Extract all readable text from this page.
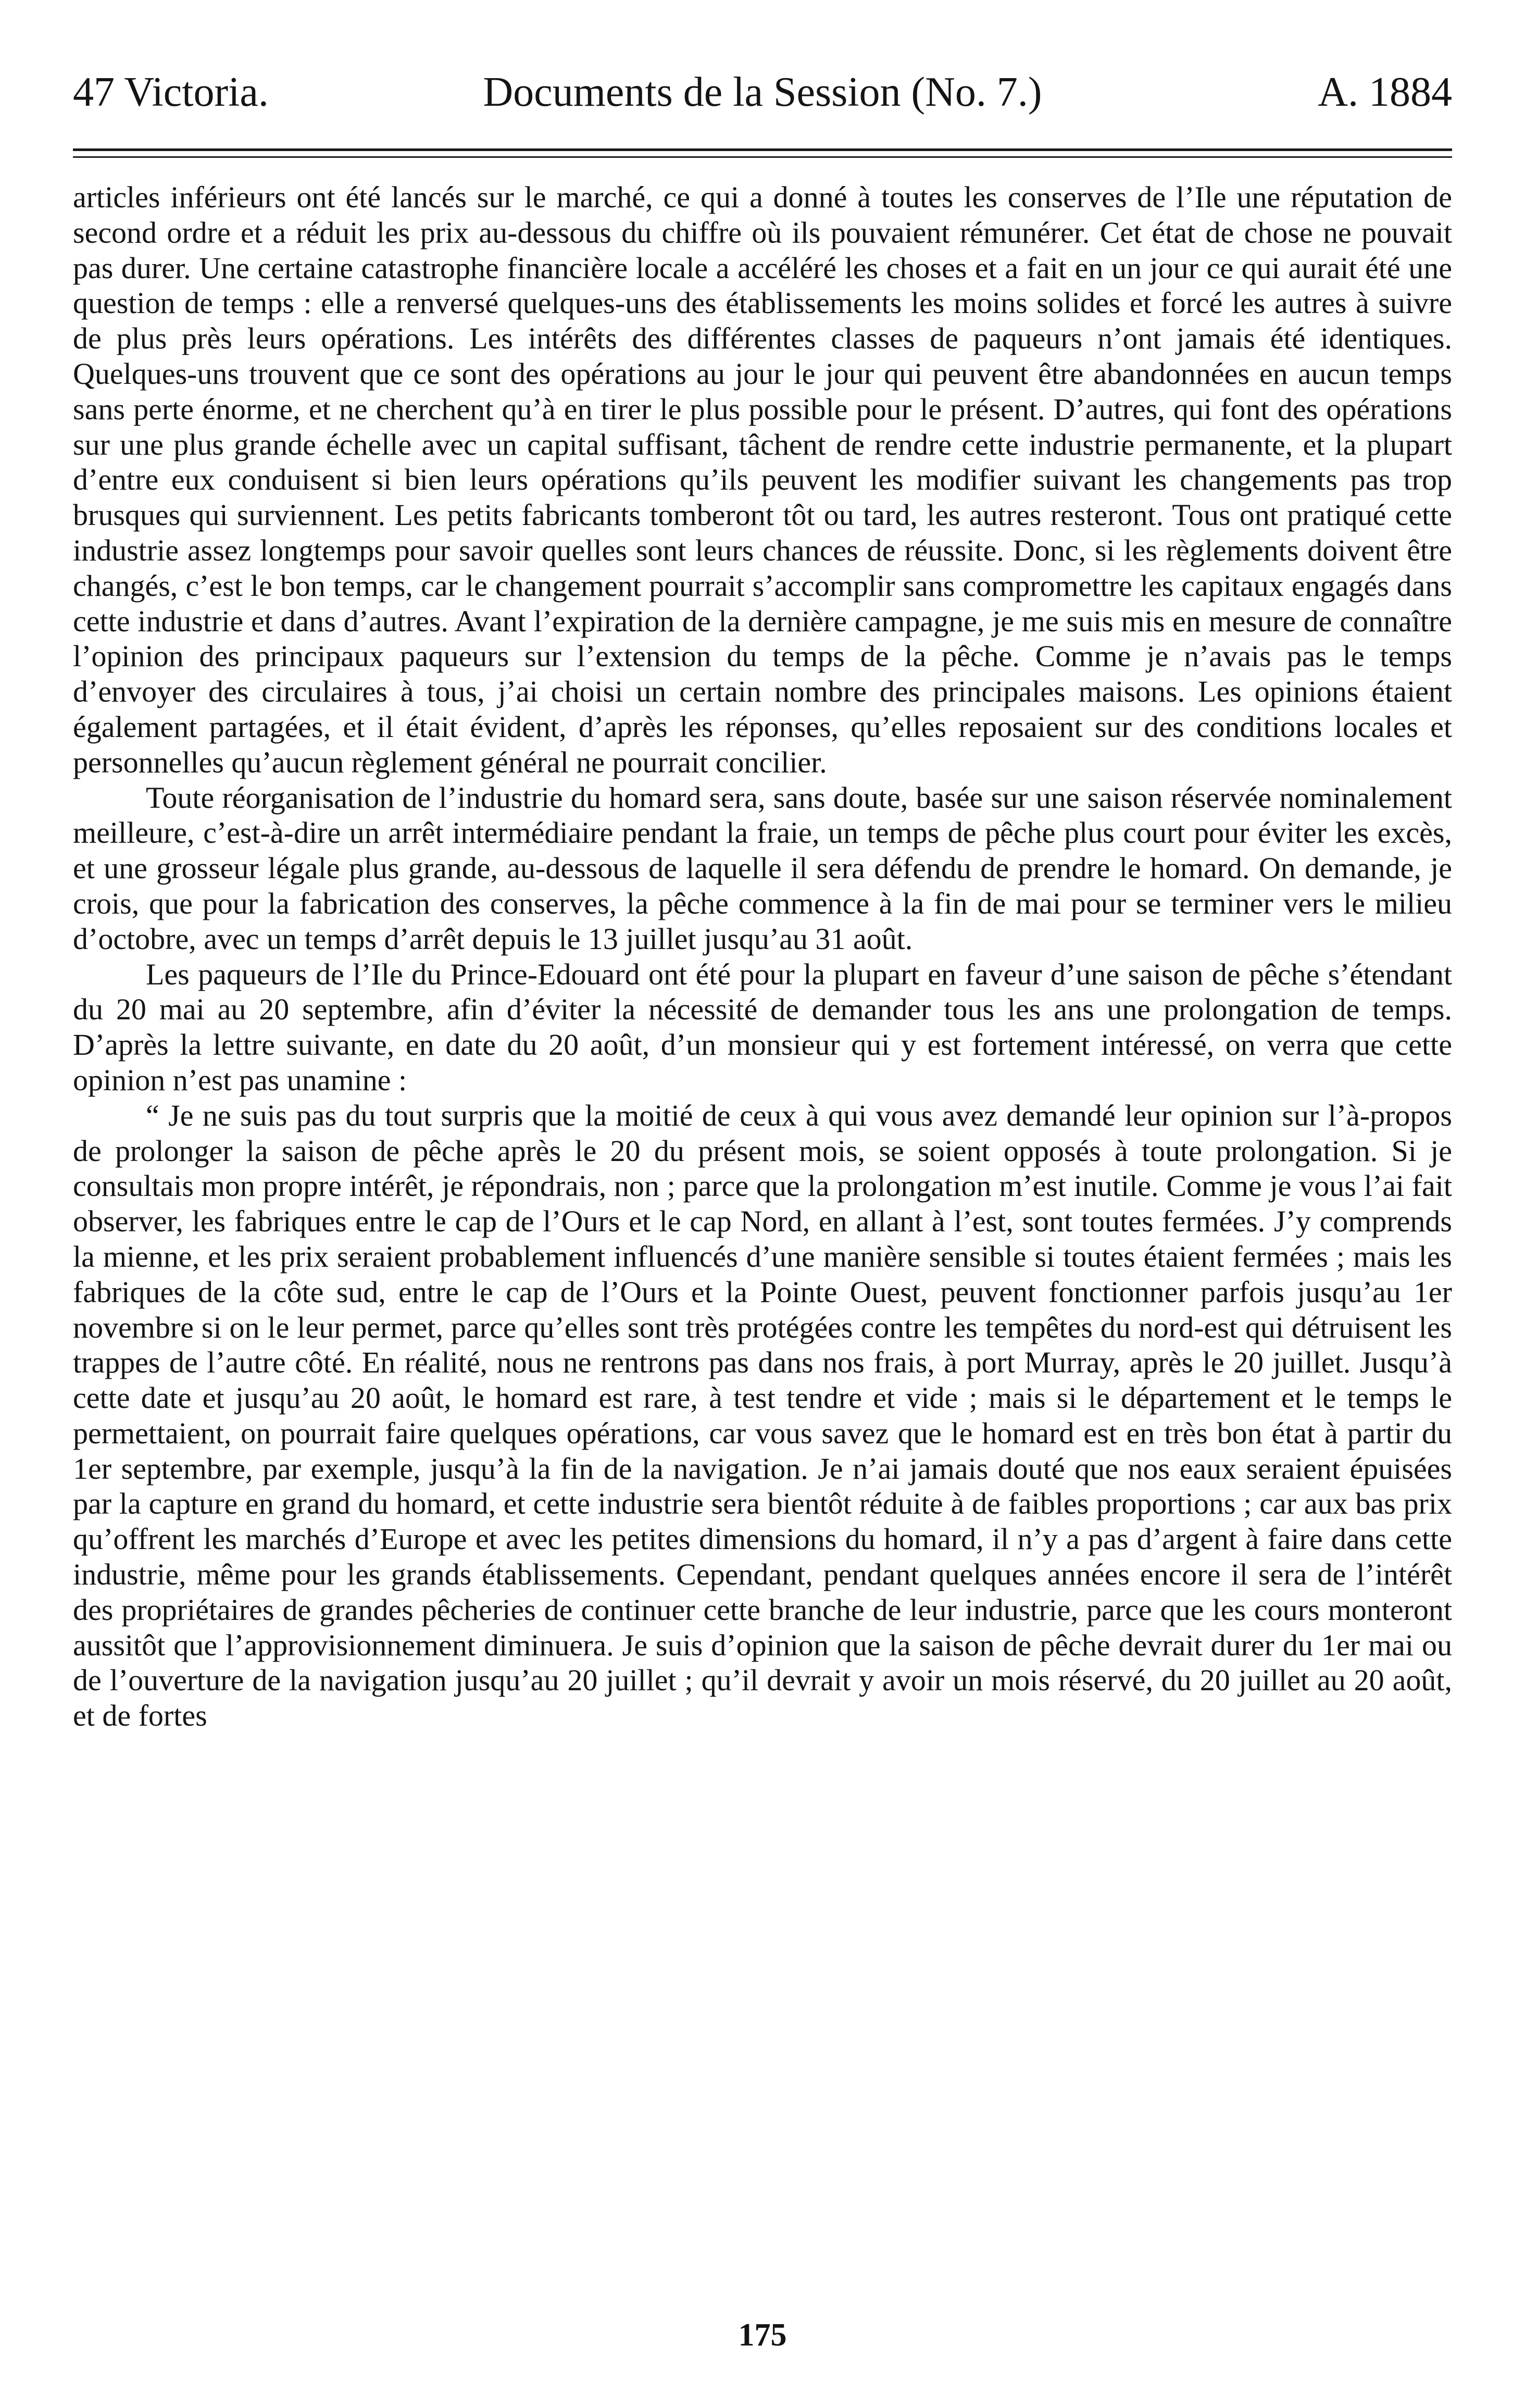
47 Victoria.	Documents de la Session (No. 7.)	A. 1884

articles inférieurs ont été lancés sur le marché, ce qui a donné à toutes les conserves de l’Ile une réputation de second ordre et a réduit les prix au-dessous du chiffre où ils pouvaient rémunérer. Cet état de chose ne pouvait pas durer. Une certaine catastrophe financière locale a accéléré les choses et a fait en un jour ce qui aurait été une question de temps : elle a renversé quelques-uns des établissements les moins solides et forcé les autres à suivre de plus près leurs opérations. Les intérêts des différentes classes de paqueurs n’ont jamais été identiques. Quelques-uns trouvent que ce sont des opérations au jour le jour qui peuvent être abandonnées en aucun temps sans perte énorme, et ne cherchent qu’à en tirer le plus possible pour le présent. D’autres, qui font des opérations sur une plus grande échelle avec un capital suffisant, tâchent de rendre cette industrie permanente, et la plupart d’entre eux conduisent si bien leurs opérations qu’ils peuvent les modifier suivant les changements pas trop brusques qui surviennent. Les petits fabricants tomberont tôt ou tard, les autres resteront. Tous ont pratiqué cette industrie assez longtemps pour savoir quelles sont leurs chances de réussite. Donc, si les règlements doivent être changés, c’est le bon temps, car le changement pourrait s’accomplir sans compromettre les capitaux engagés dans cette industrie et dans d’autres. Avant l’expiration de la dernière campagne, je me suis mis en mesure de connaître l’opinion des principaux paqueurs sur l’extension du temps de la pêche. Comme je n’avais pas le temps d’envoyer des circulaires à tous, j’ai choisi un certain nombre des principales maisons. Les opinions étaient également partagées, et il était évident, d’après les réponses, qu’elles reposaient sur des conditions locales et personnelles qu’aucun règlement général ne pourrait concilier.

Toute réorganisation de l’industrie du homard sera, sans doute, basée sur une saison réservée nominalement meilleure, c’est-à-dire un arrêt intermédiaire pendant la fraie, un temps de pêche plus court pour éviter les excès, et une grosseur légale plus grande, au-dessous de laquelle il sera défendu de prendre le homard. On demande, je crois, que pour la fabrication des conserves, la pêche commence à la fin de mai pour se terminer vers le milieu d’octobre, avec un temps d’arrêt depuis le 13 juillet jusqu’au 31 août.

Les paqueurs de l’Ile du Prince-Edouard ont été pour la plupart en faveur d’une saison de pêche s’étendant du 20 mai au 20 septembre, afin d’éviter la nécessité de demander tous les ans une prolongation de temps. D’après la lettre suivante, en date du 20 août, d’un monsieur qui y est fortement intéressé, on verra que cette opinion n’est pas unamine :

“ Je ne suis pas du tout surpris que la moitié de ceux à qui vous avez demandé leur opinion sur l’à-propos de prolonger la saison de pêche après le 20 du présent mois, se soient opposés à toute prolongation. Si je consultais mon propre intérêt, je répondrais, non ; parce que la prolongation m’est inutile. Comme je vous l’ai fait observer, les fabriques entre le cap de l’Ours et le cap Nord, en allant à l’est, sont toutes fermées. J’y comprends la mienne, et les prix seraient probablement influencés d’une manière sensible si toutes étaient fermées ; mais les fabriques de la côte sud, entre le cap de l’Ours et la Pointe Ouest, peuvent fonctionner parfois jusqu’au 1er novembre si on le leur permet, parce qu’elles sont très protégées contre les tempêtes du nord-est qui détruisent les trappes de l’autre côté. En réalité, nous ne rentrons pas dans nos frais, à port Murray, après le 20 juillet. Jusqu’à cette date et jusqu’au 20 août, le homard est rare, à test tendre et vide ; mais si le département et le temps le permettaient, on pourrait faire quelques opérations, car vous savez que le homard est en très bon état à partir du 1er septembre, par exemple, jusqu’à la fin de la navigation. Je n’ai jamais douté que nos eaux seraient épuisées par la capture en grand du homard, et cette industrie sera bientôt réduite à de faibles proportions ; car aux bas prix qu’offrent les marchés d’Europe et avec les petites dimensions du homard, il n’y a pas d’argent à faire dans cette industrie, même pour les grands établissements. Cependant, pendant quelques années encore il sera de l’intérêt des propriétaires de grandes pêcheries de continuer cette branche de leur industrie, parce que les cours monteront aussitôt que l’approvisionnement diminuera. Je suis d’opinion que la saison de pêche devrait durer du 1er mai ou de l’ouverture de la navigation jusqu’au 20 juillet ; qu’il devrait y avoir un mois réservé, du 20 juillet au 20 août, et de fortes

175
